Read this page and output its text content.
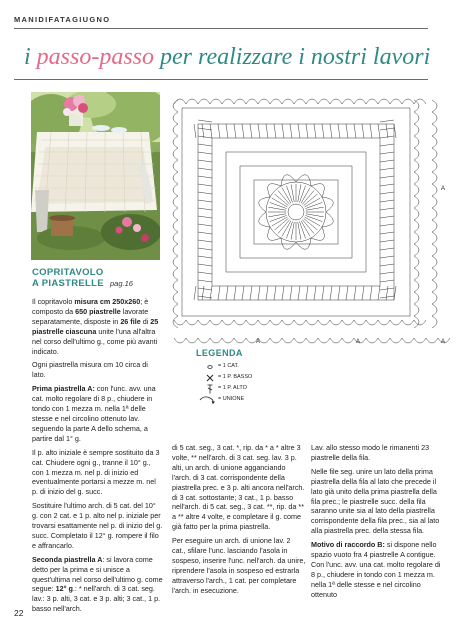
MANIDIFATAGIUGNO
i passo-passo per realizzare i nostri lavori
A
A	A	A
COPRITAVOLO
A PIASTRELLE pag.16
LEGENDA
= 1 CAT.
= 1 P. BASSO
= 1 P. ALTO
= UNIONE

Il copritavolo misura cm 250x260; è composto da 650 piastrelle lavorate separatamente, disposte in 26 file di 25 piastrelle ciascuna unite l'una all'altra nel corso dell'ultimo g., come più avanti indicato.

Ogni piastrella misura cm 10 circa di lato.

Prima piastrella A: con l'unc. avv. una cat. molto regolare di 8 p., chiudere in tondo con 1 mezza m. nella 1ª delle stesse e nel circolino ottenuto lav. seguendo la parte A dello schema, a partire dal 1° g.

Il p. alto iniziale è sempre sostituito da 3 cat. Chiudere ogni g., tranne il 10° g., con 1 mezza m. nel p. di inizio ed eventualmente portarsi a mezze m. nel p. di inizio del g. succ.

Sostituire l'ultimo arch. di 5 cat. del 10° g. con 2 cat. e 1 p. alto nel p. iniziale per trovarsi esattamente nel p. di inizio del g. succ. Completato il 12° g. rompere il filo e affrancarlo.

Seconda piastrella A: si lavora come detto per la prima e si unisce a quest'ultima nel corso dell'ultimo g. come segue: 12° g.: * nell'arch. di 3 cat. seg. lav.: 3 p. alti, 3 cat. e 3 p. alti; 3 cat., 1 p. basso nell'arch.

di 5 cat. seg., 3 cat. *, rip. da * a * altre 3 volte, ** nell'arch. di 3 cat. seg. lav. 3 p. alti, un arch. di unione agganciando l'arch. di 3 cat. corrispondente della piastrella prec. e 3 p. alti ancora nell'arch. di 3 cat. sottostante; 3 cat., 1 p. basso nell'arch. di 5 cat. seg., 3 cat. **, rip. da ** a ** altre 4 volte, e completare il g. come già fatto per la prima piastrella.

Per eseguire un arch. di unione lav. 2 cat., sfilare l'unc. lasciando l'asola in sospeso, inserire l'unc. nell'arch. da unire, riprendere l'asola in sospeso ed estrarla attraverso l'arch., 1 cat. per completare l'arch. in esecuzione.

Lav. allo stesso modo le rimanenti 23 piastrelle della fila.

Nelle file seg. unire un lato della prima piastrella della fila al lato che precede il lato già unito della prima piastrella della fila prec.; le piastrelle succ. della fila saranno unite sia al lato della piastrella corrispondente della fila prec., sia al lato alla piastrella prec. della stessa fila.

Motivo di raccordo B: si dispone nello spazio vuoto fra 4 piastrelle A contigue. Con l'unc. avv. una cat. molto regolare di 8 p., chiudere in tondo con 1 mezza m. nella 1ª delle stesse e nel circolino ottenuto

22
